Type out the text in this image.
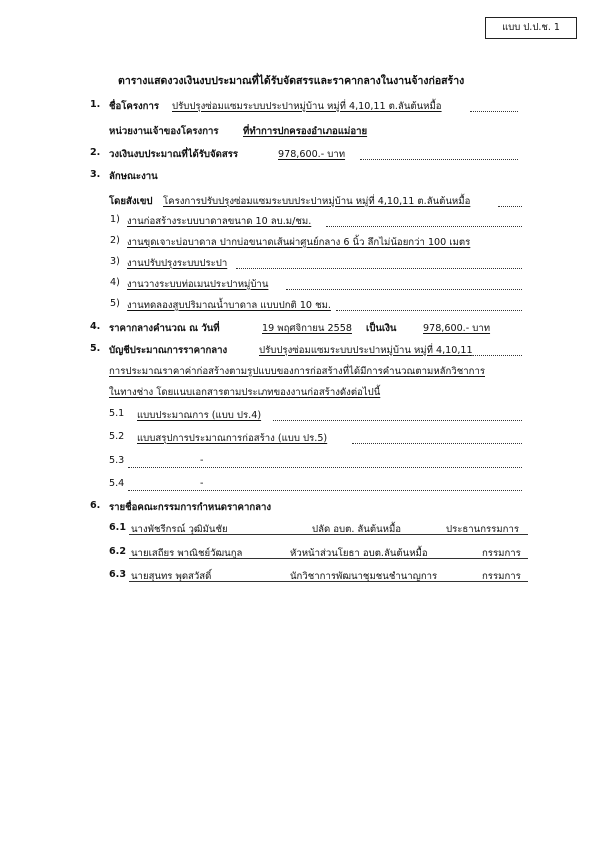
แบบ ป.ป.ช. 1
ตารางแสดงวงเงินงบประมาณที่ได้รับจัดสรรและราคากลางในงานจ้างก่อสร้าง
1. ชื่อโครงการ ปรับปรุงซ่อมแซมระบบประปาหมู่บ้าน หมู่ที่ 4,10,11 ต.ลันต้นหมื้อ
หน่วยงานเจ้าของโครงการ	ที่ทำการปกครองอำเภอแม่อาย
2. วงเงินงบประมาณที่ได้รับจัดสรร	978,600.- บาท
3. ลักษณะงาน
โดยสังเขป โครงการปรับปรุงซ่อมแซมระบบประปาหมู่บ้าน หมู่ที่ 4,10,11 ต.ลันต้นหมื้อ
1) งานก่อสร้างระบบบาดาลขนาด 10 ลบ.ม/ชม.
2) งานขุดเจาะบ่อบาดาล ปากบ่อขนาดเส้นผ่าศูนย์กลาง 6 นิ้ว ลึกไม่น้อยกว่า 100 เมตร
3) งานปรับปรุงระบบประปา
4) งานวางระบบท่อเมนประปาหมู่บ้าน
5) งานทดลองสูบปริมาณน้ำบาดาล แบบปกติ 10 ชม.
4. ราคากลางคำนวณ ณ วันที่	19 พฤศจิกายน 2558 เป็นเงิน	978,600.- บาท
5. บัญชีประมาณการราคากลาง	ปรับปรุงซ่อมแซมระบบประปาหมู่บ้าน หมู่ที่ 4,10,11
การประมาณราคาค่าก่อสร้างตามรูปแบบของการก่อสร้างที่ได้มีการคำนวณตามหลักวิชาการ
ในทางช่าง โดยแนบเอกสารตามประเภทของงานก่อสร้างดังต่อไปนี้
5.1 แบบประมาณการ (แบบ ปร.4)
5.2 แบบสรุปการประมาณการก่อสร้าง (แบบ ปร.5)
5.3	-
5.4	-
6. รายชื่อคณะกรรมการกำหนดราคากลาง
6.1 นางพัชรีกรณ์ วุฒิมันชัย	ปลัด อบต. ลันต้นหมื้อ	ประธานกรรมการ
6.2 นายเสถียร พาณิชย์วัฒนกูล	หัวหน้าส่วนโยธา อบต.ลันต้นหมื้อ	กรรมการ
6.3 นายสุนทร พุดสวัสดิ์	นักวิชาการพัฒนาชุมชนชำนาญการ	กรรมการ
